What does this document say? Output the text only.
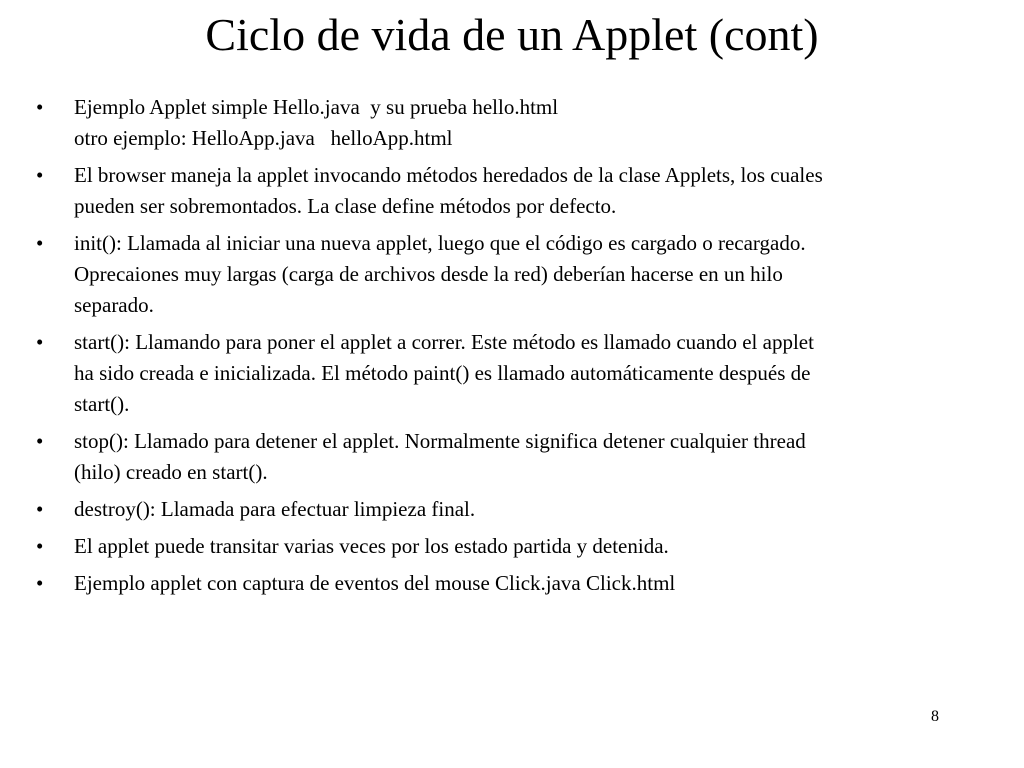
Ciclo de vida de un Applet (cont)
• Ejemplo Applet simple Hello.java  y su prueba hello.html
otro ejemplo: HelloApp.java   helloApp.html
• El browser maneja la applet invocando métodos heredados de la clase Applets, los cuales
pueden ser sobremontados. La clase define métodos por defecto.
• init(): Llamada al iniciar una nueva applet, luego que el código es cargado o recargado.
Oprecaiones muy largas (carga de archivos desde la red) deberían hacerse en un hilo
separado.
• start(): Llamando para poner el applet a correr. Este método es llamado cuando el applet
ha sido creada e inicializada. El método paint() es llamado automáticamente después de
start().
• stop(): Llamado para detener el applet. Normalmente significa detener cualquier thread
(hilo) creado en start().
• destroy(): Llamada para efectuar limpieza final.
• El applet puede transitar varias veces por los estado partida y detenida.
• Ejemplo applet con captura de eventos del mouse Click.java Click.html
8
